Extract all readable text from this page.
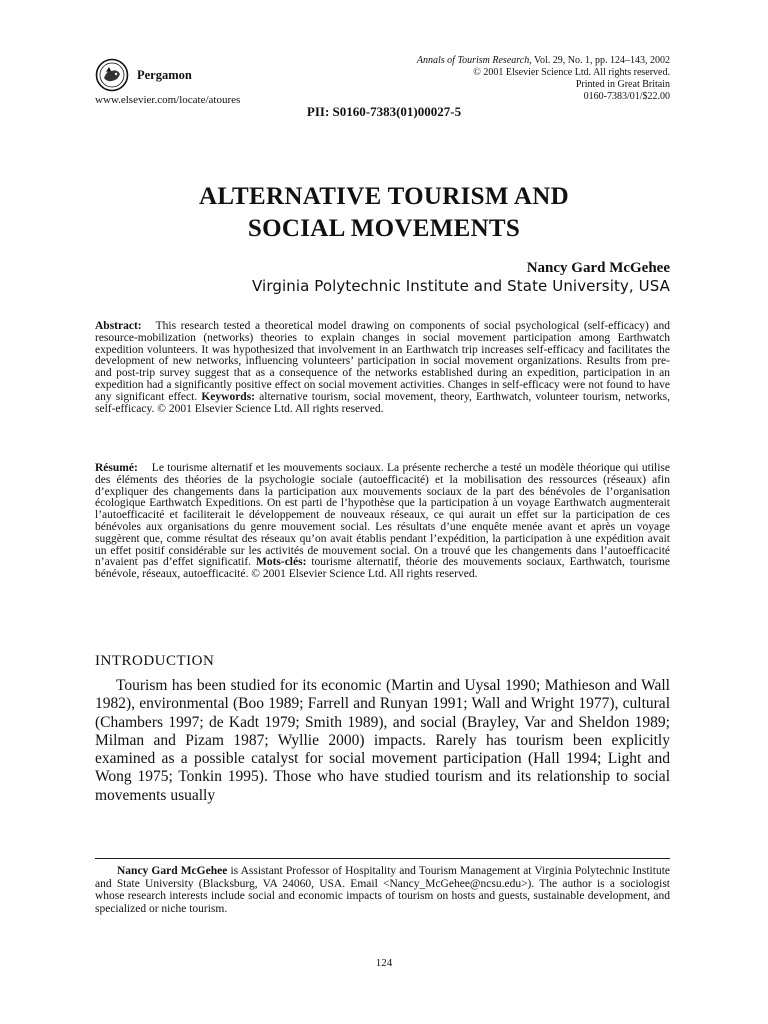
Pergamon
www.elsevier.com/locate/atoures
Annals of Tourism Research, Vol. 29, No. 1, pp. 124–143, 2002
© 2001 Elsevier Science Ltd. All rights reserved.
Printed in Great Britain
0160-7383/01/$22.00
PII: S0160-7383(01)00027-5
ALTERNATIVE TOURISM AND
SOCIAL MOVEMENTS
Nancy Gard McGehee
Virginia Polytechnic Institute and State University, USA
Abstract: This research tested a theoretical model drawing on components of social psychological (self-efficacy) and resource-mobilization (networks) theories to explain changes in social movement participation among Earthwatch expedition volunteers. It was hypothesized that involvement in an Earthwatch trip increases self-efficacy and facilitates the development of new networks, influencing volunteers’ participation in social movement organizations. Results from pre- and post-trip survey suggest that as a consequence of the networks established during an expedition, participation in an expedition had a significantly positive effect on social movement activities. Changes in self-efficacy were not found to have any significant effect. Keywords: alternative tourism, social movement, theory, Earthwatch, volunteer tourism, networks, self-efficacy. © 2001 Elsevier Science Ltd. All rights reserved.
Résumé: Le tourisme alternatif et les mouvements sociaux. La présente recherche a testé un modèle théorique qui utilise des éléments des théories de la psychologie sociale (autoefficacité) et la mobilisation des ressources (réseaux) afin d’expliquer des changements dans la participation aux mouvements sociaux de la part des bénévoles de l’organisation écologique Earthwatch Expeditions. On est parti de l’hypothèse que la participation à un voyage Earthwatch augmenterait l’autoefficacité et faciliterait le développement de nouveaux réseaux, ce qui aurait un effet sur la participation de ces bénévoles aux organisations du genre mouvement social. Les résultats d’une enquête menée avant et après un voyage suggèrent que, comme résultat des réseaux qu’on avait établis pendant l’expédition, la participation à une expédition avait un effet positif considérable sur les activités de mouvement social. On a trouvé que les changements dans l’autoefficacité n’avaient pas d’effet significatif. Mots-clés: tourisme alternatif, théorie des mouvements sociaux, Earthwatch, tourisme bénévole, réseaux, autoefficacité. © 2001 Elsevier Science Ltd. All rights reserved.
INTRODUCTION
Tourism has been studied for its economic (Martin and Uysal 1990; Mathieson and Wall 1982), environmental (Boo 1989; Farrell and Runyan 1991; Wall and Wright 1977), cultural (Chambers 1997; de Kadt 1979; Smith 1989), and social (Brayley, Var and Sheldon 1989; Milman and Pizam 1987; Wyllie 2000) impacts. Rarely has tourism been explicitly examined as a possible catalyst for social movement participation (Hall 1994; Light and Wong 1975; Tonkin 1995). Those who have studied tourism and its relationship to social movements usually
Nancy Gard McGehee is Assistant Professor of Hospitality and Tourism Management at Virginia Polytechnic Institute and State University (Blacksburg, VA 24060, USA. Email <Nancy_McGehee@ncsu.edu>). The author is a sociologist whose research interests include social and economic impacts of tourism on hosts and guests, sustainable development, and specialized or niche tourism.
124
